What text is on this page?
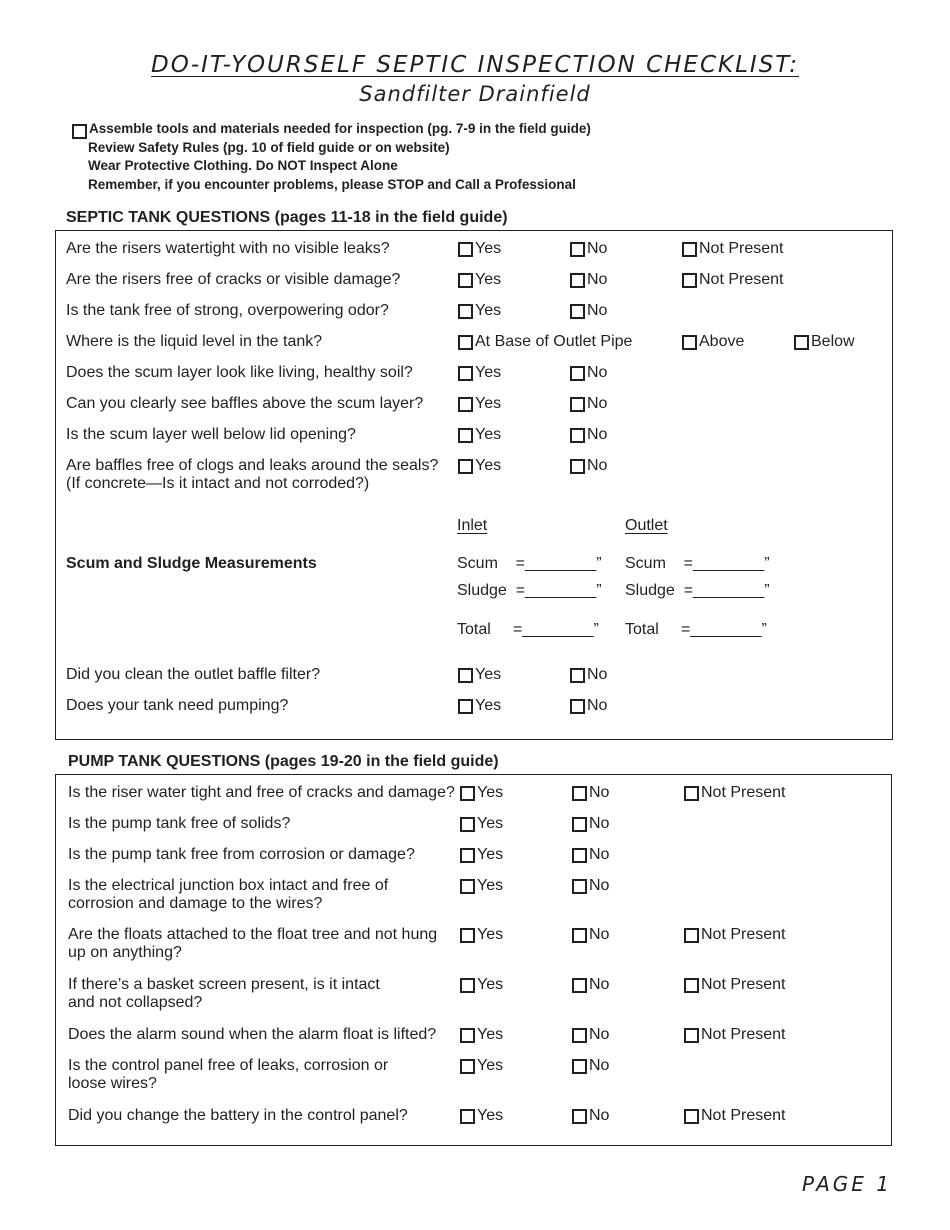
DO-IT-YOURSELF SEPTIC INSPECTION CHECKLIST:
Sandfilter Drainfield
Assemble tools and materials needed for inspection (pg. 7-9 in the field guide)
Review Safety Rules (pg. 10 of field guide or on website)
Wear Protective Clothing. Do NOT Inspect Alone
Remember, if you encounter problems, please STOP and Call a Professional
SEPTIC TANK QUESTIONS (pages 11-18 in the field guide)
Inlet	Outlet
Scum and Sludge Measurements	Scum    =________” Scum    =________”
Sludge  =________” Sludge  =________”
Total     =________” Total     =________”
Are the risers watertight with no visible leaks?	Yes	No	Not Present
Are the risers free of cracks or visible damage?	Yes	No	Not Present
Is the tank free of strong, overpowering odor?	Yes	No
Where is the liquid level in the tank?	At Base of Outlet Pipe	Above	Below
Does the scum layer look like living, healthy soil?	Yes	No
Can you clearly see baffles above the scum layer?	Yes	No
Is the scum layer well below lid opening?	Yes	No
Are baffles free of clogs and leaks around the seals?
(If concrete—Is it intact and not corroded?)
Yes	No
Did you clean the outlet baffle filter?	Yes	No
Does your tank need pumping?	Yes	No
PUMP TANK QUESTIONS (pages 19-20 in the field guide)
Is the riser water tight and free of cracks and damage? Yes	No	Not Present
Is the pump tank free of solids?	Yes	No
Is the pump tank free from corrosion or damage?	Yes	No
Is the electrical junction box intact and free of
corrosion and damage to the wires?
Yes	No
Are the floats attached to the float tree and not hung
up on anything?
Yes	No	Not Present
If there’s a basket screen present, is it intact
and not collapsed?
Yes	No	Not Present
Does the alarm sound when the alarm float is lifted?	Yes	No	Not Present
Is the control panel free of leaks, corrosion or
loose wires?
Yes	No
Did you change the battery in the control panel?	Yes	No	Not Present
PAGE 1
